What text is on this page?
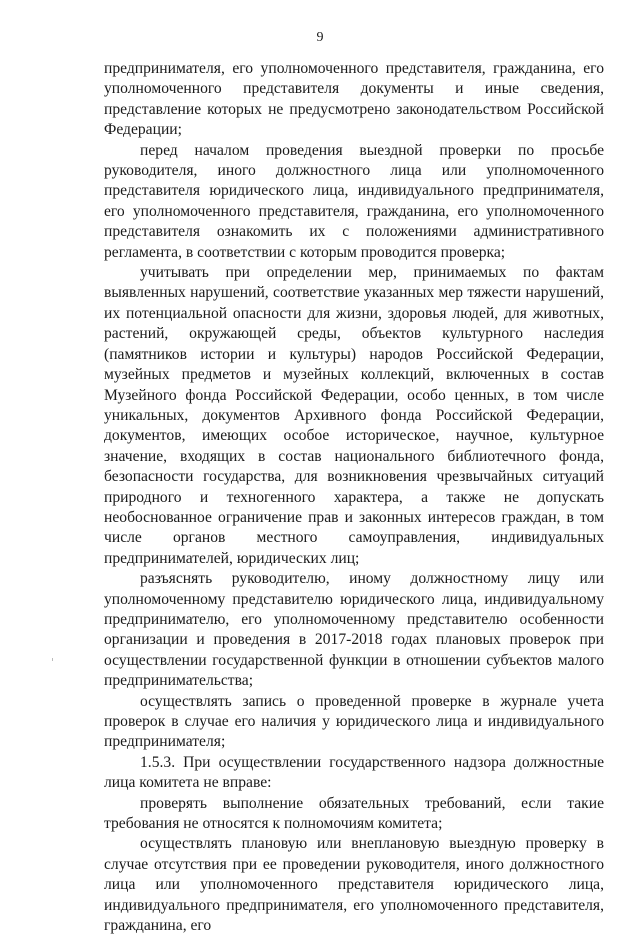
9

предпринимателя, его уполномоченного представителя, гражданина, его уполномоченного представителя документы и иные сведения, представление которых не предусмотрено законодательством Российской Федерации;

перед началом проведения выездной проверки по просьбе руководителя, иного должностного лица или уполномоченного представителя юридического лица, индивидуального предпринимателя, его уполномоченного представителя, гражданина, его уполномоченного представителя ознакомить их с положениями административного регламента, в соответствии с которым проводится проверка;

учитывать при определении мер, принимаемых по фактам выявленных нарушений, соответствие указанных мер тяжести нарушений, их потенциальной опасности для жизни, здоровья людей, для животных, растений, окружающей среды, объектов культурного наследия (памятников истории и культуры) народов Российской Федерации, музейных предметов и музейных коллекций, включенных в состав Музейного фонда Российской Федерации, особо ценных, в том числе уникальных, документов Архивного фонда Российской Федерации, документов, имеющих особое историческое, научное, культурное значение, входящих в состав национального библиотечного фонда, безопасности государства, для возникновения чрезвычайных ситуаций природного и техногенного характера, а также не допускать необоснованное ограничение прав и законных интересов граждан, в том числе органов местного самоуправления, индивидуальных предпринимателей, юридических лиц;

разъяснять руководителю, иному должностному лицу или уполномоченному представителю юридического лица, индивидуальному предпринимателю, его уполномоченному представителю особенности организации и проведения в 2017-2018 годах плановых проверок при осуществлении государственной функции в отношении субъектов малого предпринимательства;

осуществлять запись о проведенной проверке в журнале учета проверок в случае его наличия у юридического лица и индивидуального предпринимателя;

1.5.3. При осуществлении государственного надзора должностные лица комитета не вправе:

проверять выполнение обязательных требований, если такие требования не относятся к полномочиям комитета;

осуществлять плановую или внеплановую выездную проверку в случае отсутствия при ее проведении руководителя, иного должностного лица или уполномоченного представителя юридического лица, индивидуального предпринимателя, его уполномоченного представителя, гражданина, его
